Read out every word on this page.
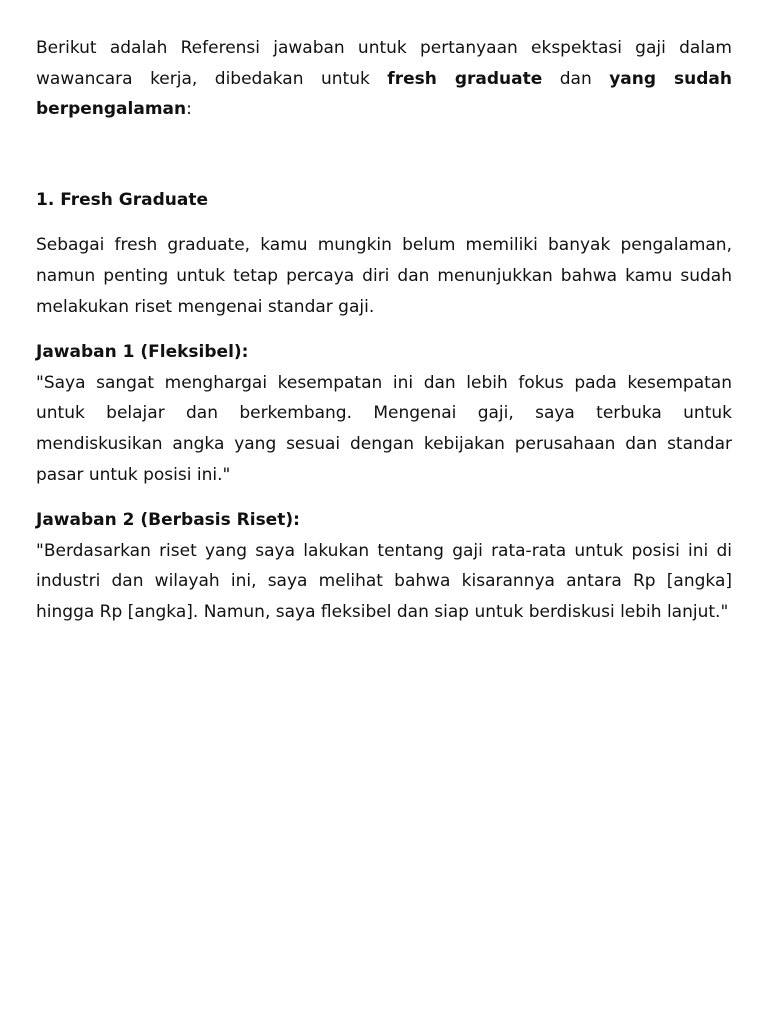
Berikut adalah Referensi jawaban untuk pertanyaan ekspektasi gaji dalam wawancara kerja, dibedakan untuk fresh graduate dan yang sudah berpengalaman:

1. Fresh Graduate

Sebagai fresh graduate, kamu mungkin belum memiliki banyak pengalaman, namun penting untuk tetap percaya diri dan menunjukkan bahwa kamu sudah melakukan riset mengenai standar gaji.

Jawaban 1 (Fleksibel):

"Saya sangat menghargai kesempatan ini dan lebih fokus pada kesempatan untuk belajar dan berkembang. Mengenai gaji, saya terbuka untuk mendiskusikan angka yang sesuai dengan kebijakan perusahaan dan standar pasar untuk posisi ini."

Jawaban 2 (Berbasis Riset):

"Berdasarkan riset yang saya lakukan tentang gaji rata-rata untuk posisi ini di industri dan wilayah ini, saya melihat bahwa kisarannya antara Rp [angka] hingga Rp [angka]. Namun, saya fleksibel dan siap untuk berdiskusi lebih lanjut."
